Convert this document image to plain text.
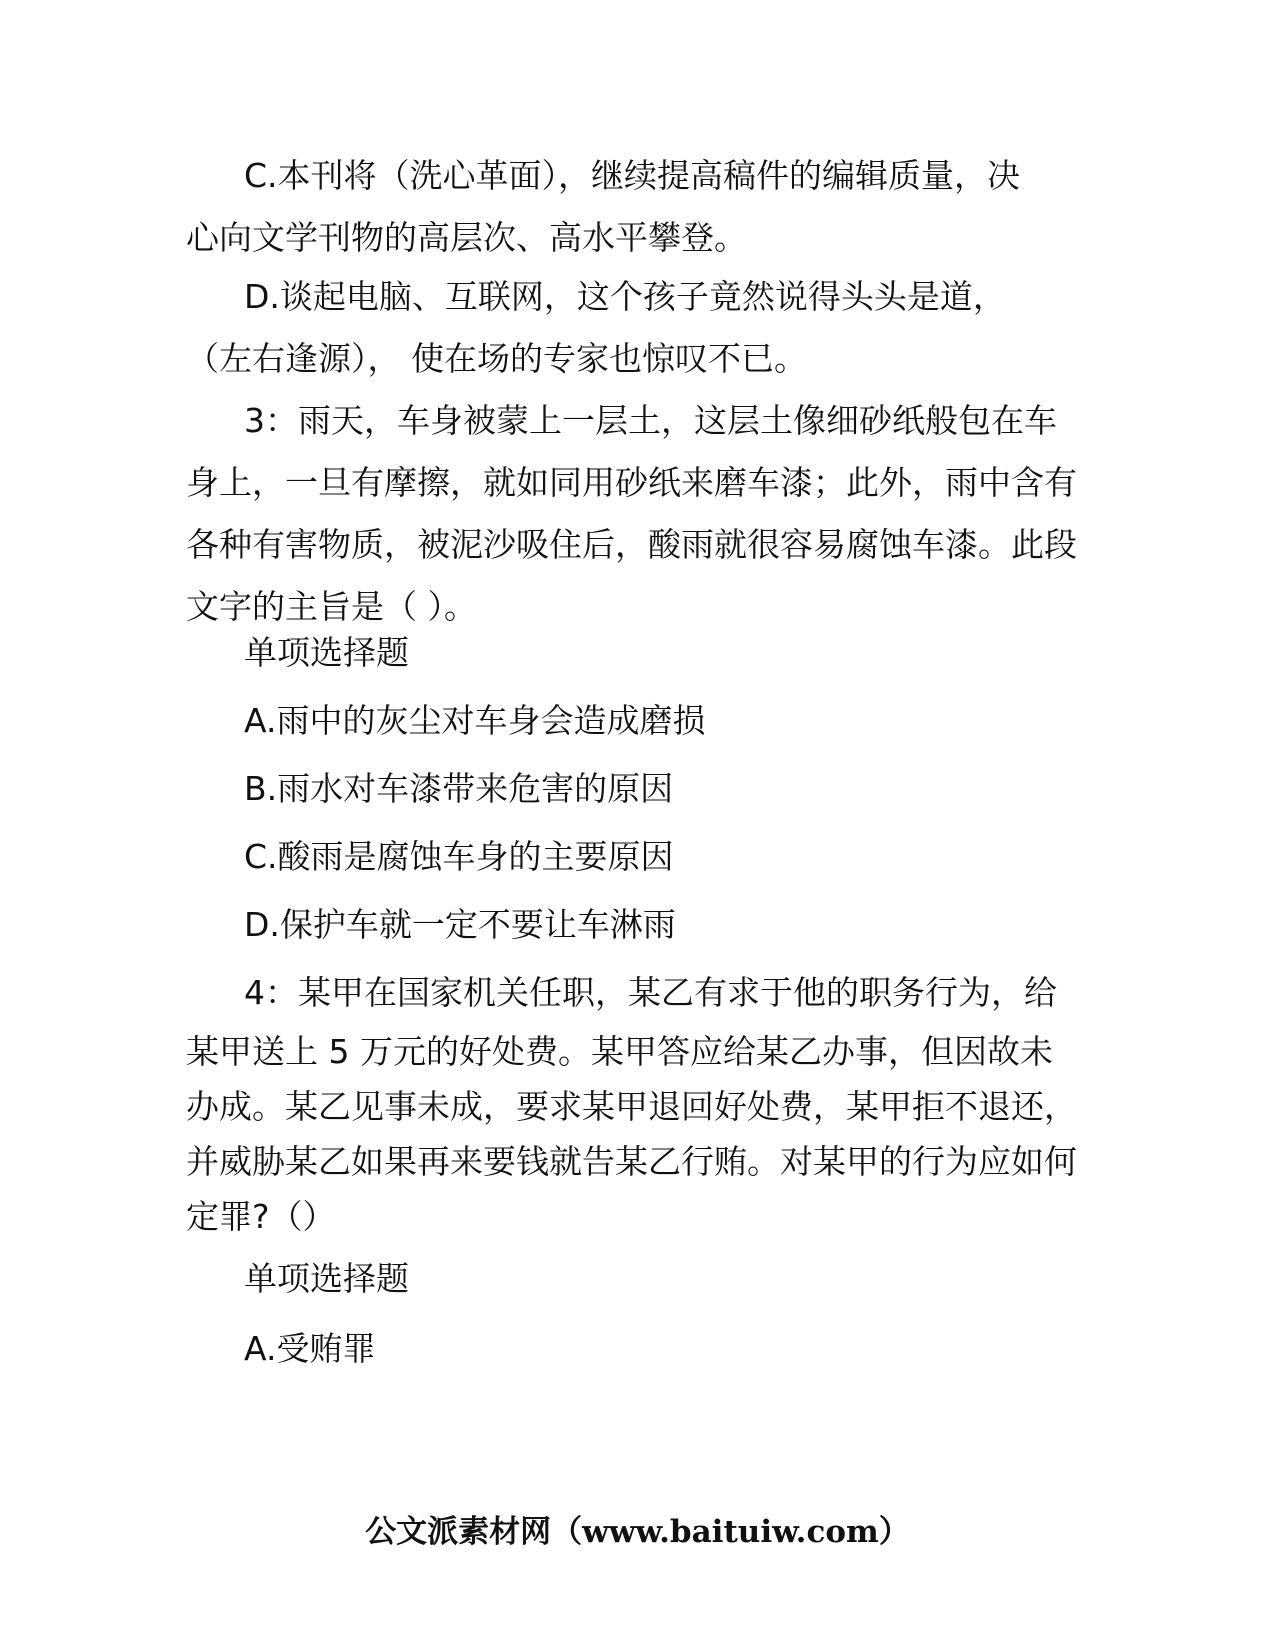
C.本刊将（洗心革面），继续提高稿件的编辑质量，决
心向文学刊物的高层次、高水平攀登。
D.谈起电脑、互联网，这个孩子竟然说得头头是道，
（左右逢源）， 使在场的专家也惊叹不已。
3：雨天，车身被蒙上一层土，这层土像细砂纸般包在车
身上，一旦有摩擦，就如同用砂纸来磨车漆；此外，雨中含有
各种有害物质，被泥沙吸住后，酸雨就很容易腐蚀车漆。此段
文字的主旨是（ ）。
单项选择题
A.雨中的灰尘对车身会造成磨损
B.雨水对车漆带来危害的原因
C.酸雨是腐蚀车身的主要原因
D.保护车就一定不要让车淋雨
4：某甲在国家机关任职，某乙有求于他的职务行为，给
某甲送上 5 万元的好处费。某甲答应给某乙办事，但因故未
办成。某乙见事未成，要求某甲退回好处费，某甲拒不退还，
并威胁某乙如果再来要钱就告某乙行贿。对某甲的行为应如何
定罪?（）
单项选择题
A.受贿罪
公文派素材网（www.baituiw.com）
